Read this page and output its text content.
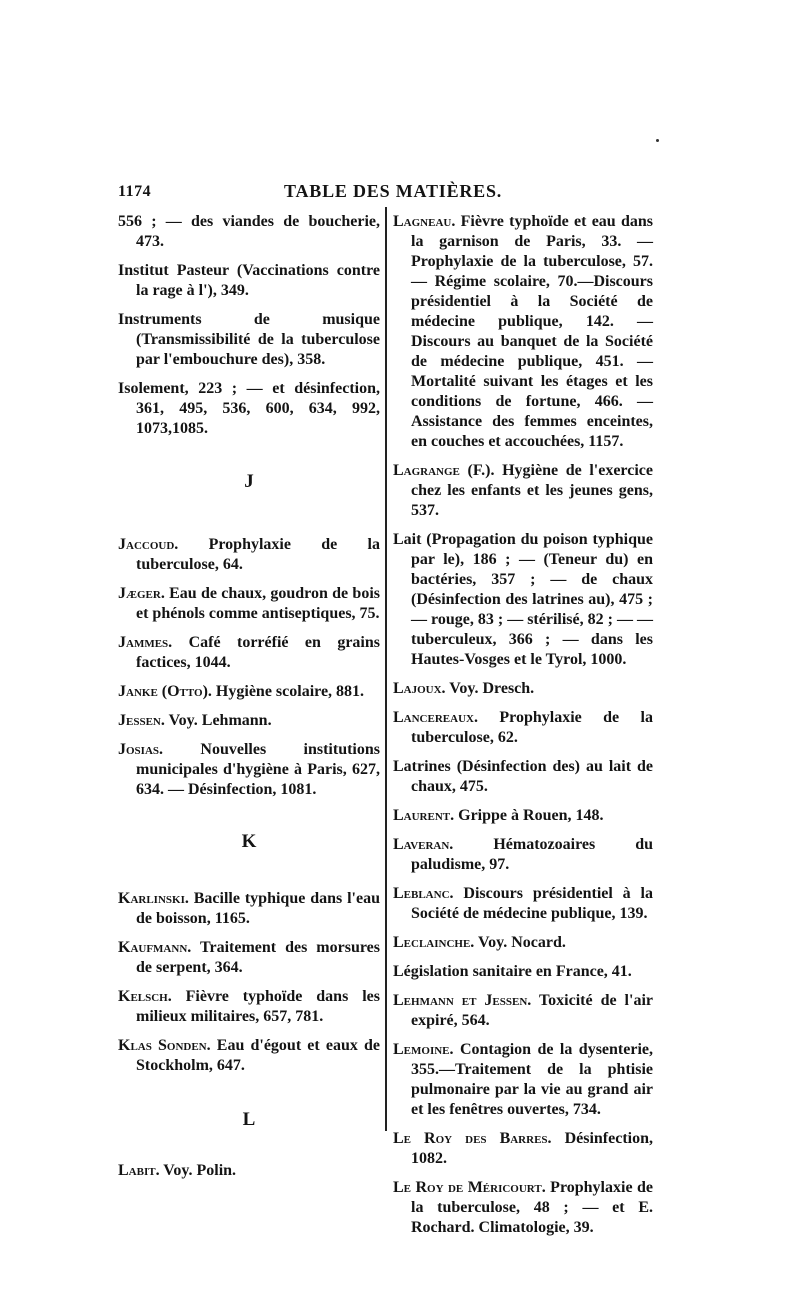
1174	TABLE DES MATIÈRES.

556 ; — des viandes de boucherie, 473.

Institut Pasteur (Vaccinations contre la rage à l'), 349.

Instruments de musique (Transmissibilité de la tuberculose par l'embouchure des), 358.

Isolement, 223 ; — et désinfection, 361, 495, 536, 600, 634, 992, 1073,1085.

J

Jaccoud. Prophylaxie de la tuberculose, 64.

Jæger. Eau de chaux, goudron de bois et phénols comme antiseptiques, 75.

Jammes. Café torréfié en grains factices, 1044.

Janke (Otto). Hygiène scolaire, 881.

Jessen. Voy. Lehmann.

Josias. Nouvelles institutions municipales d'hygiène à Paris, 627, 634. — Désinfection, 1081.

K

Karlinski. Bacille typhique dans l'eau de boisson, 1165.

Kaufmann. Traitement des morsures de serpent, 364.

Kelsch. Fièvre typhoïde dans les milieux militaires, 657, 781.

Klas Sonden. Eau d'égout et eaux de Stockholm, 647.

L

Labit. Voy. Polin.

Lagneau. Fièvre typhoïde et eau dans la garnison de Paris, 33. — Prophylaxie de la tuberculose, 57. — Régime scolaire, 70.—Discours présidentiel à la Société de médecine publique, 142. — Discours au banquet de la Société de médecine publique, 451. — Mortalité suivant les étages et les conditions de fortune, 466. — Assistance des femmes enceintes, en couches et accouchées, 1157.

Lagrange (F.). Hygiène de l'exercice chez les enfants et les jeunes gens, 537.

Lait (Propagation du poison typhique par le), 186 ; — (Teneur du) en bactéries, 357 ; — de chaux (Désinfection des latrines au), 475 ; — rouge, 83 ; — stérilisé, 82 ; — — tuberculeux, 366 ; — dans les Hautes-Vosges et le Tyrol, 1000.

Lajoux. Voy. Dresch.

Lancereaux. Prophylaxie de la tuberculose, 62.

Latrines (Désinfection des) au lait de chaux, 475.

Laurent. Grippe à Rouen, 148.

Laveran. Hématozoaires du paludisme, 97.

Leblanc. Discours présidentiel à la Société de médecine publique, 139.

Leclainche. Voy. Nocard.

Législation sanitaire en France, 41.

Lehmann et Jessen. Toxicité de l'air expiré, 564.

Lemoine. Contagion de la dysenterie, 355.—Traitement de la phtisie pulmonaire par la vie au grand air et les fenêtres ouvertes, 734.

Le Roy des Barres. Désinfection, 1082.

Le Roy de Méricourt. Prophylaxie de la tuberculose, 48 ; — et E. Rochard. Climatologie, 39.
